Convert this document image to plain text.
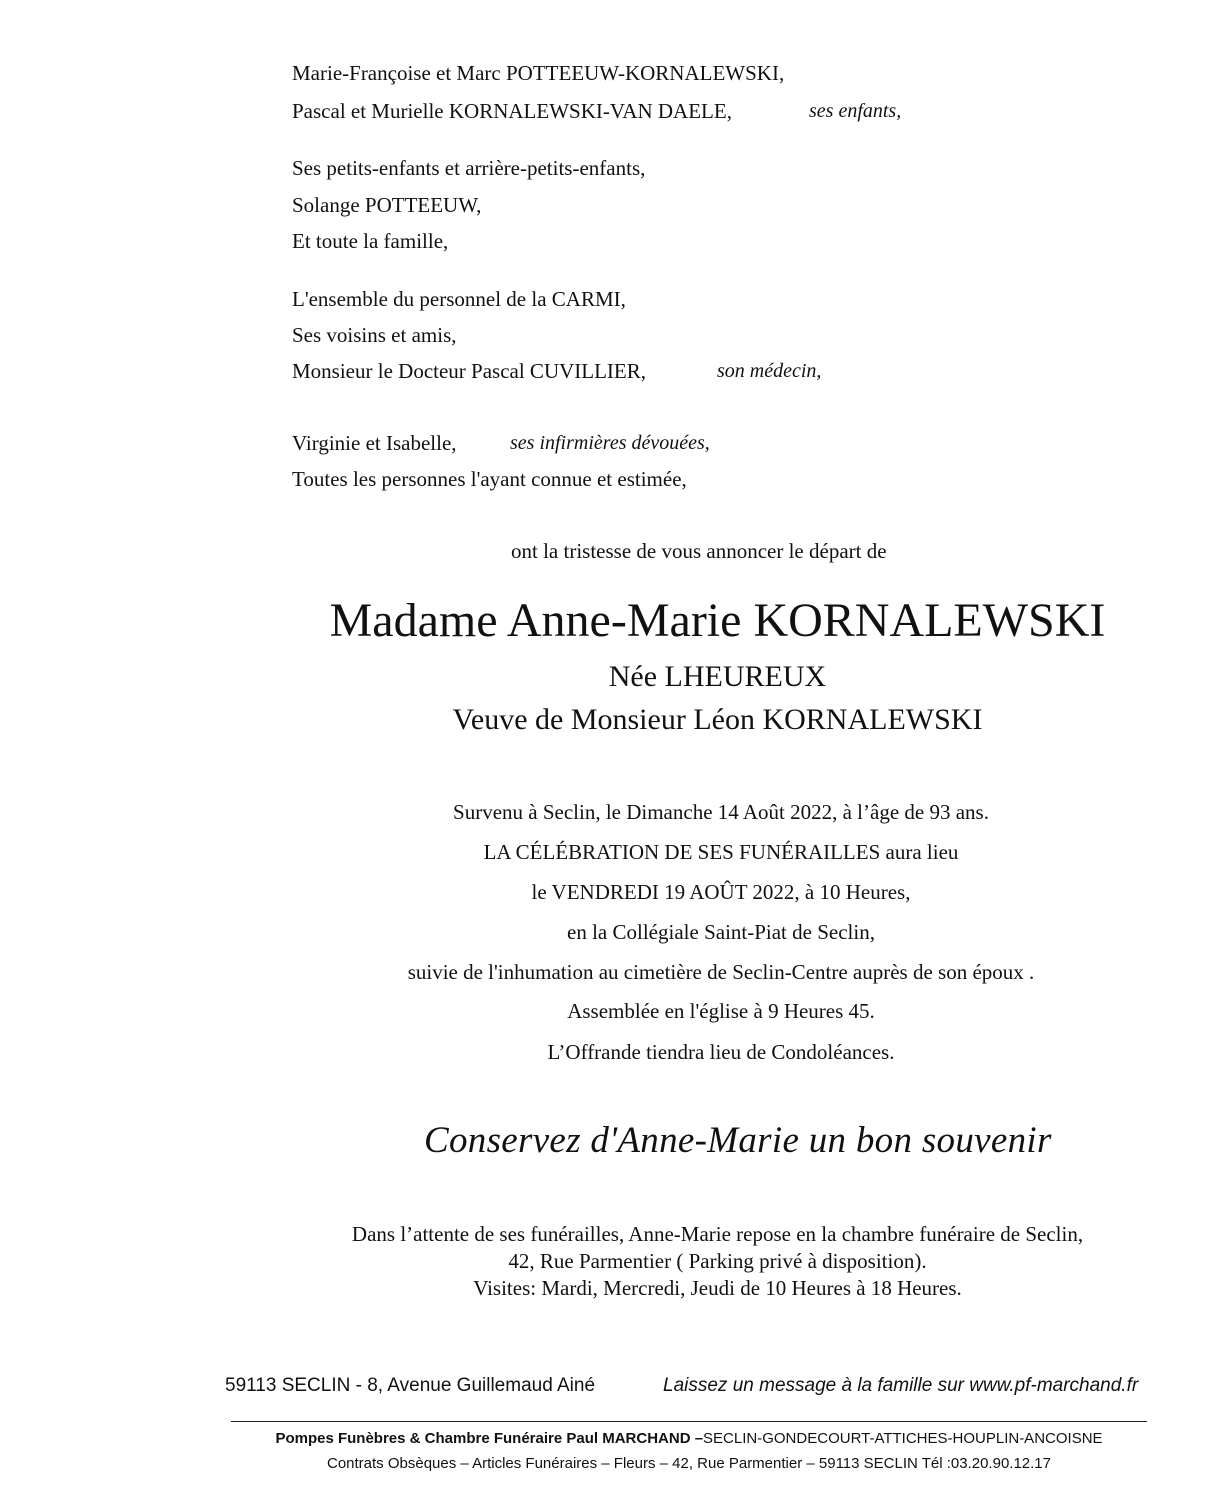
Marie-Françoise et Marc POTTEEUW-KORNALEWSKI,
Pascal et Murielle KORNALEWSKI-VAN DAELE,	ses enfants,
Ses petits-enfants et arrière-petits-enfants,
Solange POTTEEUW,
Et toute la famille,
L'ensemble du personnel de la CARMI,
Ses voisins et amis,
Monsieur le Docteur Pascal CUVILLIER,	son médecin,
Virginie et Isabelle,	ses infirmières dévouées,
Toutes les personnes l'ayant connue et estimée,
ont la tristesse de vous annoncer le départ de
Madame Anne-Marie KORNALEWSKI
Née LHEUREUX
Veuve de Monsieur Léon KORNALEWSKI
Survenu à Seclin, le Dimanche 14 Août 2022, à l’âge de 93 ans.
LA CÉLÉBRATION DE SES FUNÉRAILLES aura lieu
le VENDREDI 19 AOÛT 2022, à 10 Heures,
en la Collégiale Saint-Piat de Seclin,
suivie de l'inhumation au cimetière de Seclin-Centre auprès de son époux .
Assemblée en l'église à 9 Heures 45.
L’Offrande tiendra lieu de Condoléances.
Conservez d'Anne-Marie un bon souvenir
Dans l’attente de ses funérailles, Anne-Marie repose en la chambre funéraire de Seclin,
42, Rue Parmentier ( Parking privé à disposition).
Visites: Mardi, Mercredi, Jeudi de 10 Heures à 18 Heures.
59113 SECLIN - 8, Avenue Guillemaud Ainé	Laissez un message à la famille sur www.pf-marchand.fr
Pompes Funèbres & Chambre Funéraire Paul MARCHAND –SECLIN-GONDECOURT-ATTICHES-HOUPLIN-ANCOISNE
Contrats Obsèques – Articles Funéraires – Fleurs – 42, Rue Parmentier – 59113 SECLIN Tél :03.20.90.12.17
